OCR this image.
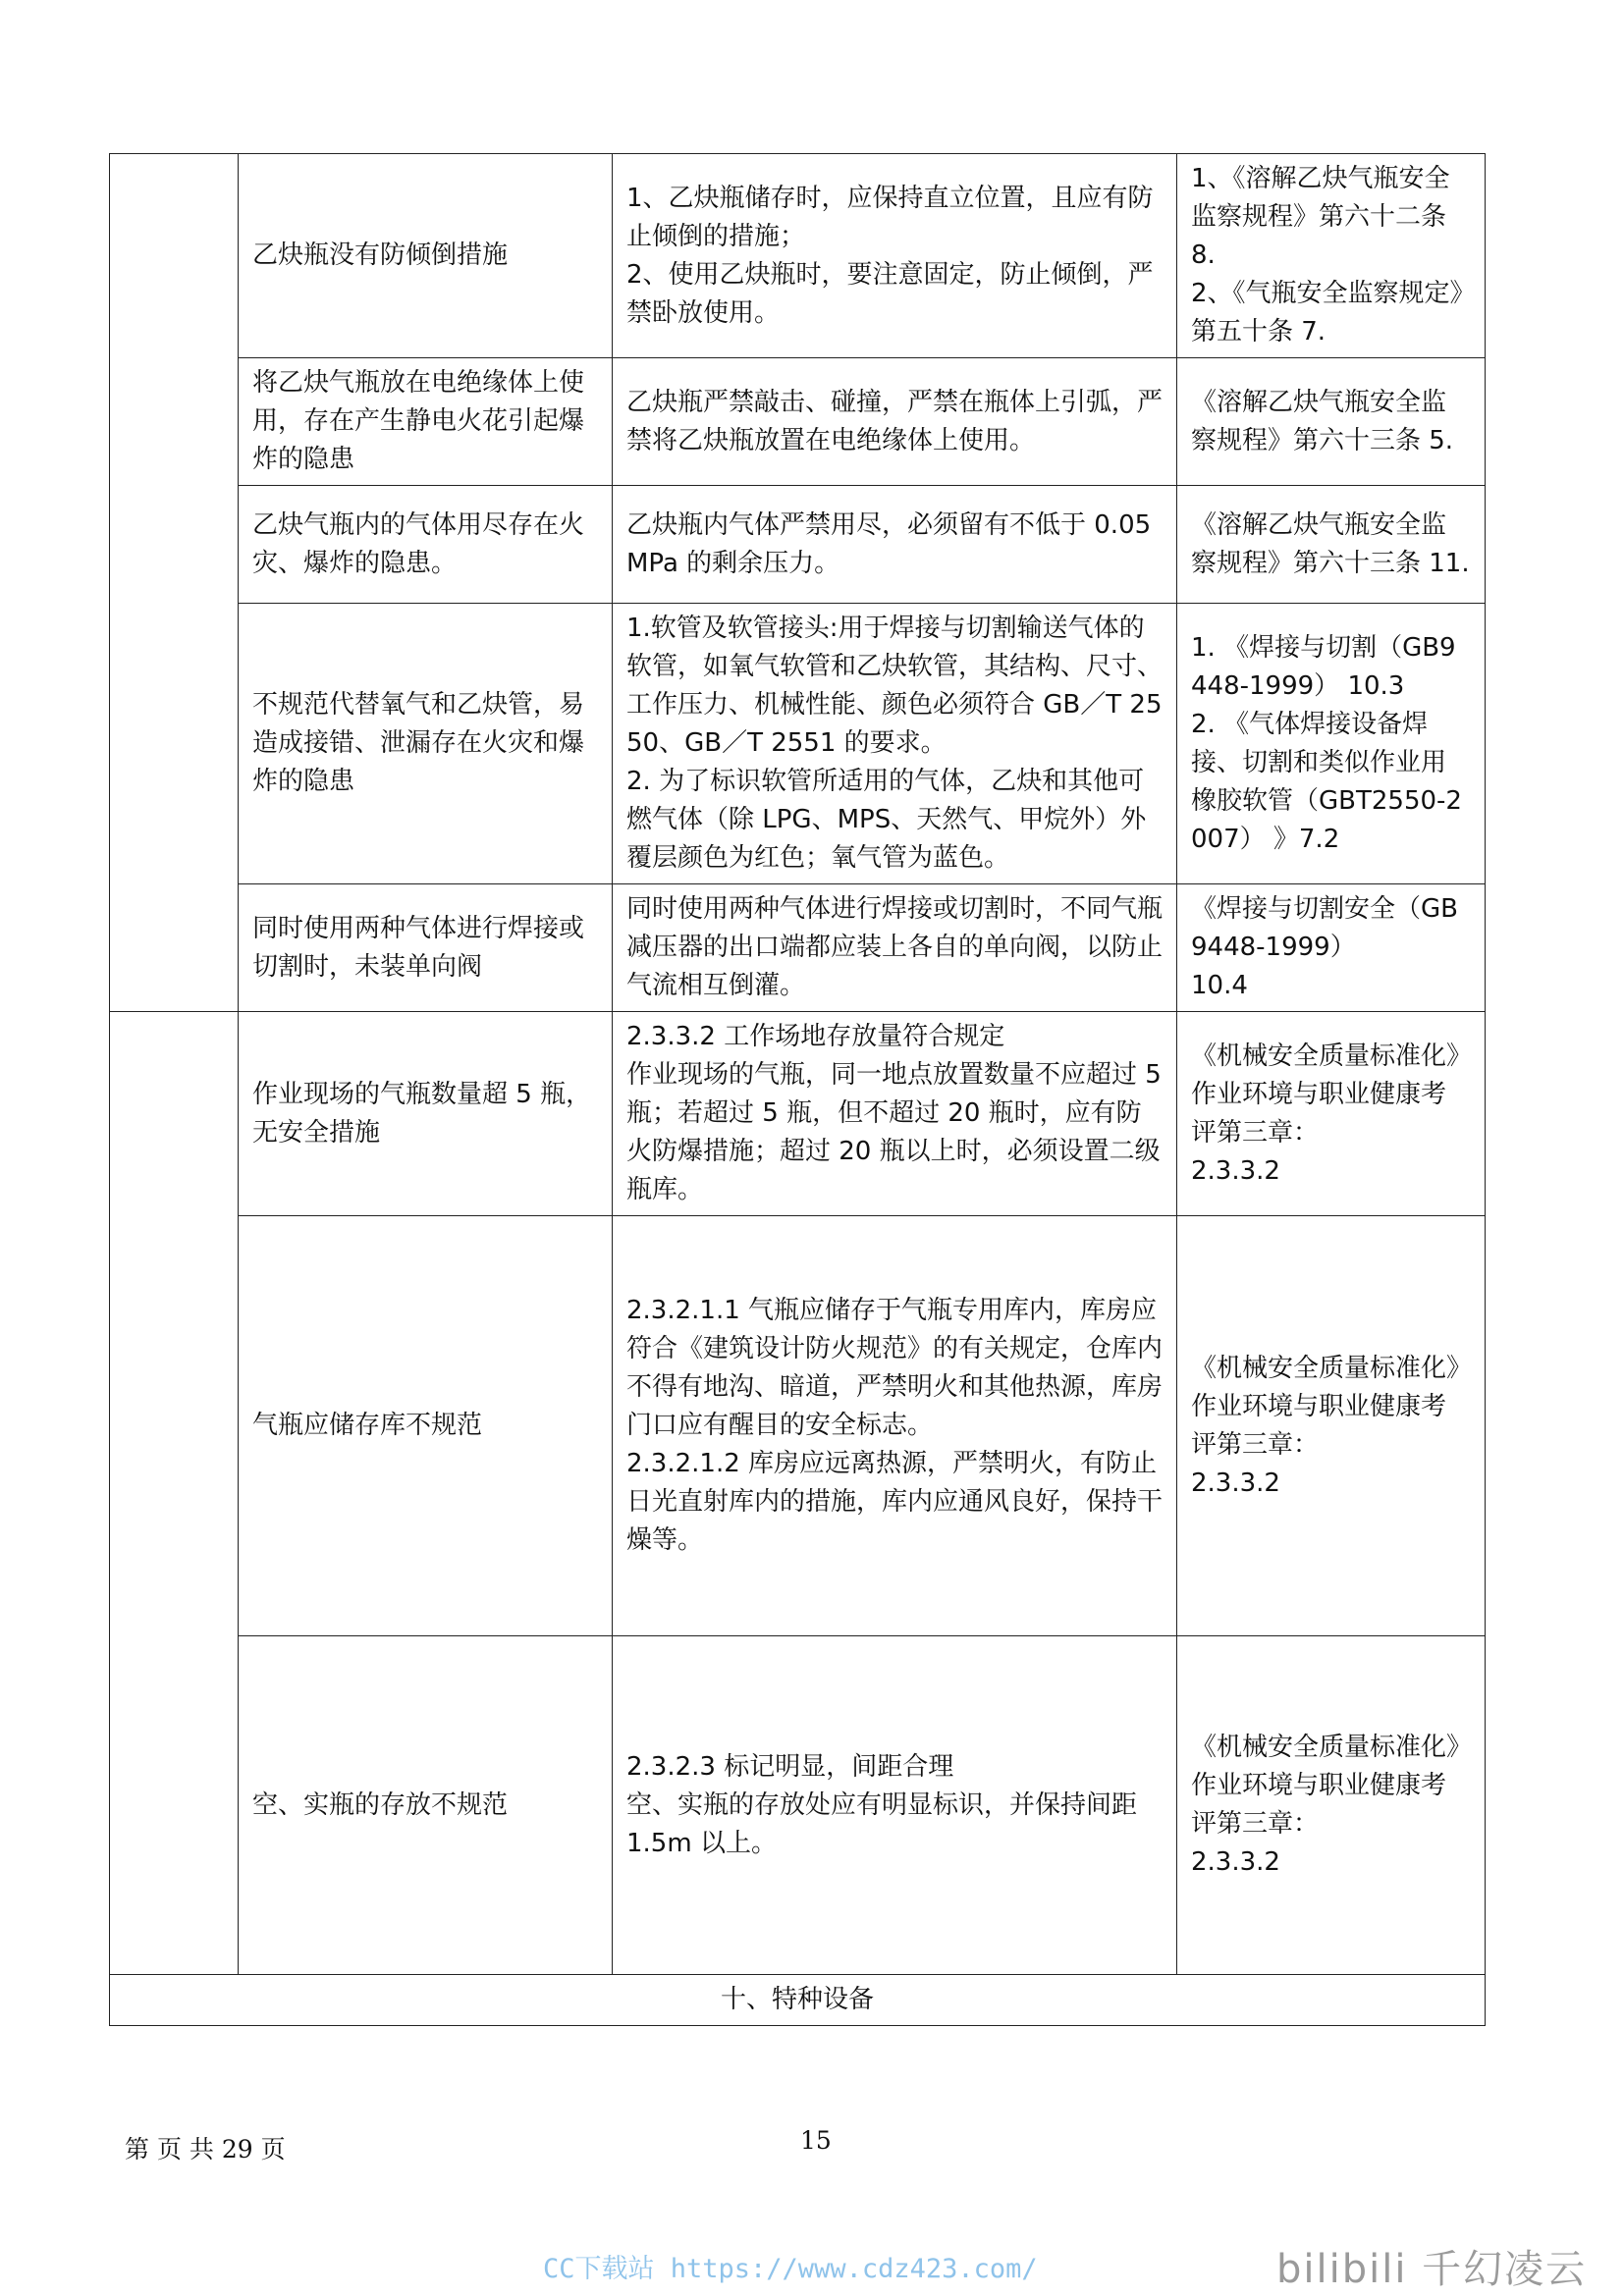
	乙炔瓶没有防倾倒措施	1、乙炔瓶储存时，应保持直立位置，且应有防止倾倒的措施；
2、使用乙炔瓶时，要注意固定，防止倾倒，严禁卧放使用。	1、《溶解乙炔气瓶安全监察规程》第六十二条 8.
2、《气瓶安全监察规定》第五十条 7.

	将乙炔气瓶放在电绝缘体上使用，存在产生静电火花引起爆炸的隐患	乙炔瓶严禁敲击、碰撞，严禁在瓶体上引弧，严禁将乙炔瓶放置在电绝缘体上使用。	《溶解乙炔气瓶安全监察规程》第六十三条 5.

	乙炔气瓶内的气体用尽存在火灾、爆炸的隐患。	乙炔瓶内气体严禁用尽，必须留有不低于 0.05MPa 的剩余压力。	《溶解乙炔气瓶安全监察规程》第六十三条 11.

	不规范代替氧气和乙炔管，易造成接错、泄漏存在火灾和爆炸的隐患	1.软管及软管接头:用于焊接与切割输送气体的软管，如氧气软管和乙炔软管，其结构、尺寸、工作压力、机械性能、颜色必须符合 GB／T 2550、GB／T 2551 的要求。
2. 为了标识软管所适用的气体，乙炔和其他可燃气体（除 LPG、MPS、天然气、甲烷外）外覆层颜色为红色；氧气管为蓝色。	1. 《焊接与切割（GB9448-1999） 10.3
2. 《气体焊接设备焊接、切割和类似作业用橡胶软管（GBT2550-2007） 》7.2

	同时使用两种气体进行焊接或切割时，未装单向阀	同时使用两种气体进行焊接或切割时，不同气瓶减压器的出口端都应装上各自的单向阀，以防止气流相互倒灌。	《焊接与切割安全（GB9448-1999）
10.4

	作业现场的气瓶数量超 5 瓶，无安全措施	2.3.3.2 工作场地存放量符合规定
作业现场的气瓶，同一地点放置数量不应超过 5 瓶；若超过 5 瓶，但不超过 20 瓶时，应有防火防爆措施；超过 20 瓶以上时，必须设置二级瓶库。	《机械安全质量标准化》作业环境与职业健康考评第三章：
2.3.3.2

	气瓶应储存库不规范	2.3.2.1.1 气瓶应储存于气瓶专用库内，库房应符合《建筑设计防火规范》的有关规定，仓库内不得有地沟、暗道，严禁明火和其他热源，库房门口应有醒目的安全标志。
2.3.2.1.2 库房应远离热源，严禁明火，有防止日光直射库内的措施，库内应通风良好，保持干燥等。	《机械安全质量标准化》作业环境与职业健康考评第三章：
2.3.3.2

	空、实瓶的存放不规范	2.3.2.3 标记明显，间距合理
空、实瓶的存放处应有明显标识，并保持间距 1.5m 以上。	《机械安全质量标准化》作业环境与职业健康考评第三章：
2.3.3.2

十、特种设备			
第 页 共 29 页	15
CC下载站 https://www.cdz423.com/	bilibili 千幻凌云
